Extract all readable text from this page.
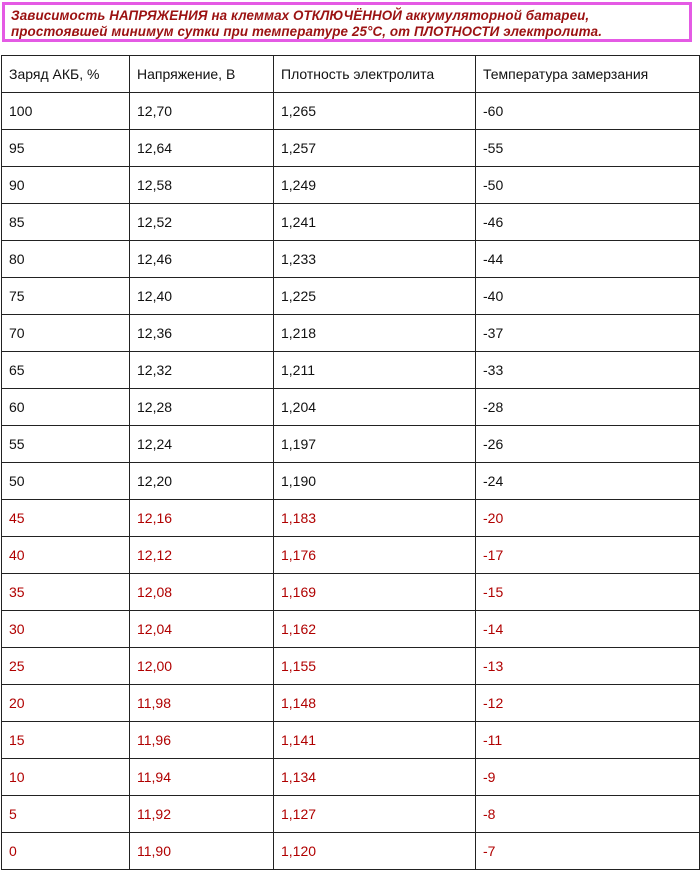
Зависимость НАПРЯЖЕНИЯ на клеммах ОТКЛЮЧЁННОЙ аккумуляторной батареи,
простоявшей минимум сутки при температуре 25°С, от ПЛОТНОСТИ электролита.
Заряд АКБ, %	Напряжение, В	Плотность электролита	Температура замерзания
100	12,70	1,265	-60
95	12,64	1,257	-55
90	12,58	1,249	-50
85	12,52	1,241	-46
80	12,46	1,233	-44
75	12,40	1,225	-40
70	12,36	1,218	-37
65	12,32	1,211	-33
60	12,28	1,204	-28
55	12,24	1,197	-26
50	12,20	1,190	-24
45	12,16	1,183	-20
40	12,12	1,176	-17
35	12,08	1,169	-15
30	12,04	1,162	-14
25	12,00	1,155	-13
20	11,98	1,148	-12
15	11,96	1,141	-11
10	11,94	1,134	-9
5	11,92	1,127	-8
0	11,90	1,120	-7
